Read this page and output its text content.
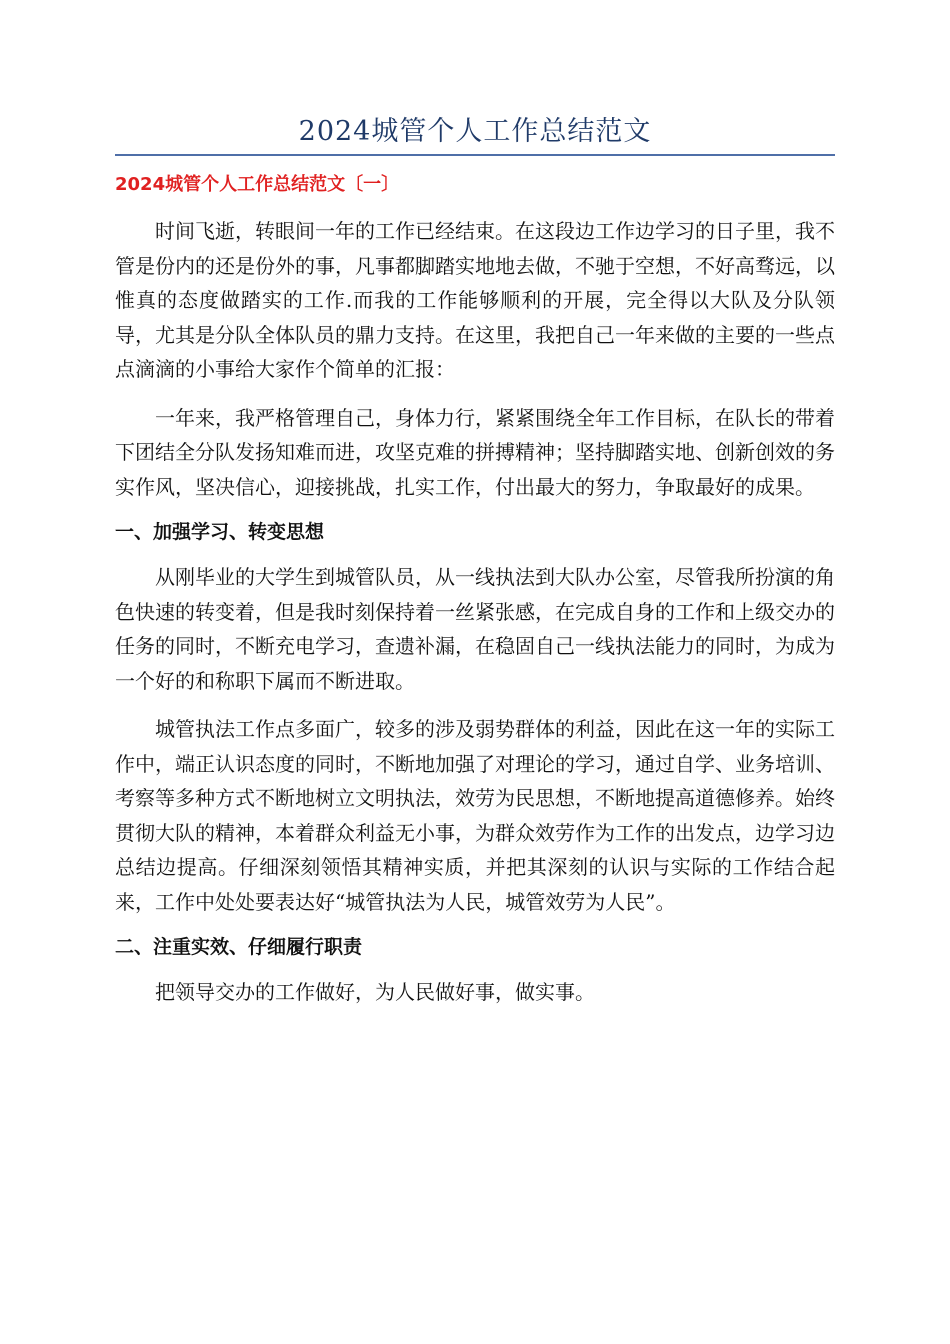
2024城管个人工作总结范文

2024城管个人工作总结范文〔一〕

时间飞逝，转眼间一年的工作已经结束。在这段边工作边学习的日子里，我不管是份内的还是份外的事，凡事都脚踏实地地去做，不驰于空想，不好高骛远，以惟真的态度做踏实的工作.而我的工作能够顺利的开展，完全得以大队及分队领导，尤其是分队全体队员的鼎力支持。在这里，我把自己一年来做的主要的一些点点滴滴的小事给大家作个简单的汇报：

一年来，我严格管理自己，身体力行，紧紧围绕全年工作目标，在队长的带着下团结全分队发扬知难而进，攻坚克难的拼搏精神；坚持脚踏实地、创新创效的务实作风，坚决信心，迎接挑战，扎实工作，付出最大的努力，争取最好的成果。

一、加强学习、转变思想

从刚毕业的大学生到城管队员，从一线执法到大队办公室，尽管我所扮演的角色快速的转变着，但是我时刻保持着一丝紧张感，在完成自身的工作和上级交办的任务的同时，不断充电学习，查遗补漏，在稳固自己一线执法能力的同时，为成为一个好的和称职下属而不断进取。

城管执法工作点多面广，较多的涉及弱势群体的利益，因此在这一年的实际工作中，端正认识态度的同时，不断地加强了对理论的学习，通过自学、业务培训、考察等多种方式不断地树立文明执法，效劳为民思想，不断地提高道德修养。始终贯彻大队的精神，本着群众利益无小事，为群众效劳作为工作的出发点，边学习边总结边提高。仔细深刻领悟其精神实质，并把其深刻的认识与实际的工作结合起来，工作中处处要表达好“城管执法为人民，城管效劳为人民”。

二、注重实效、仔细履行职责

把领导交办的工作做好，为人民做好事，做实事。
